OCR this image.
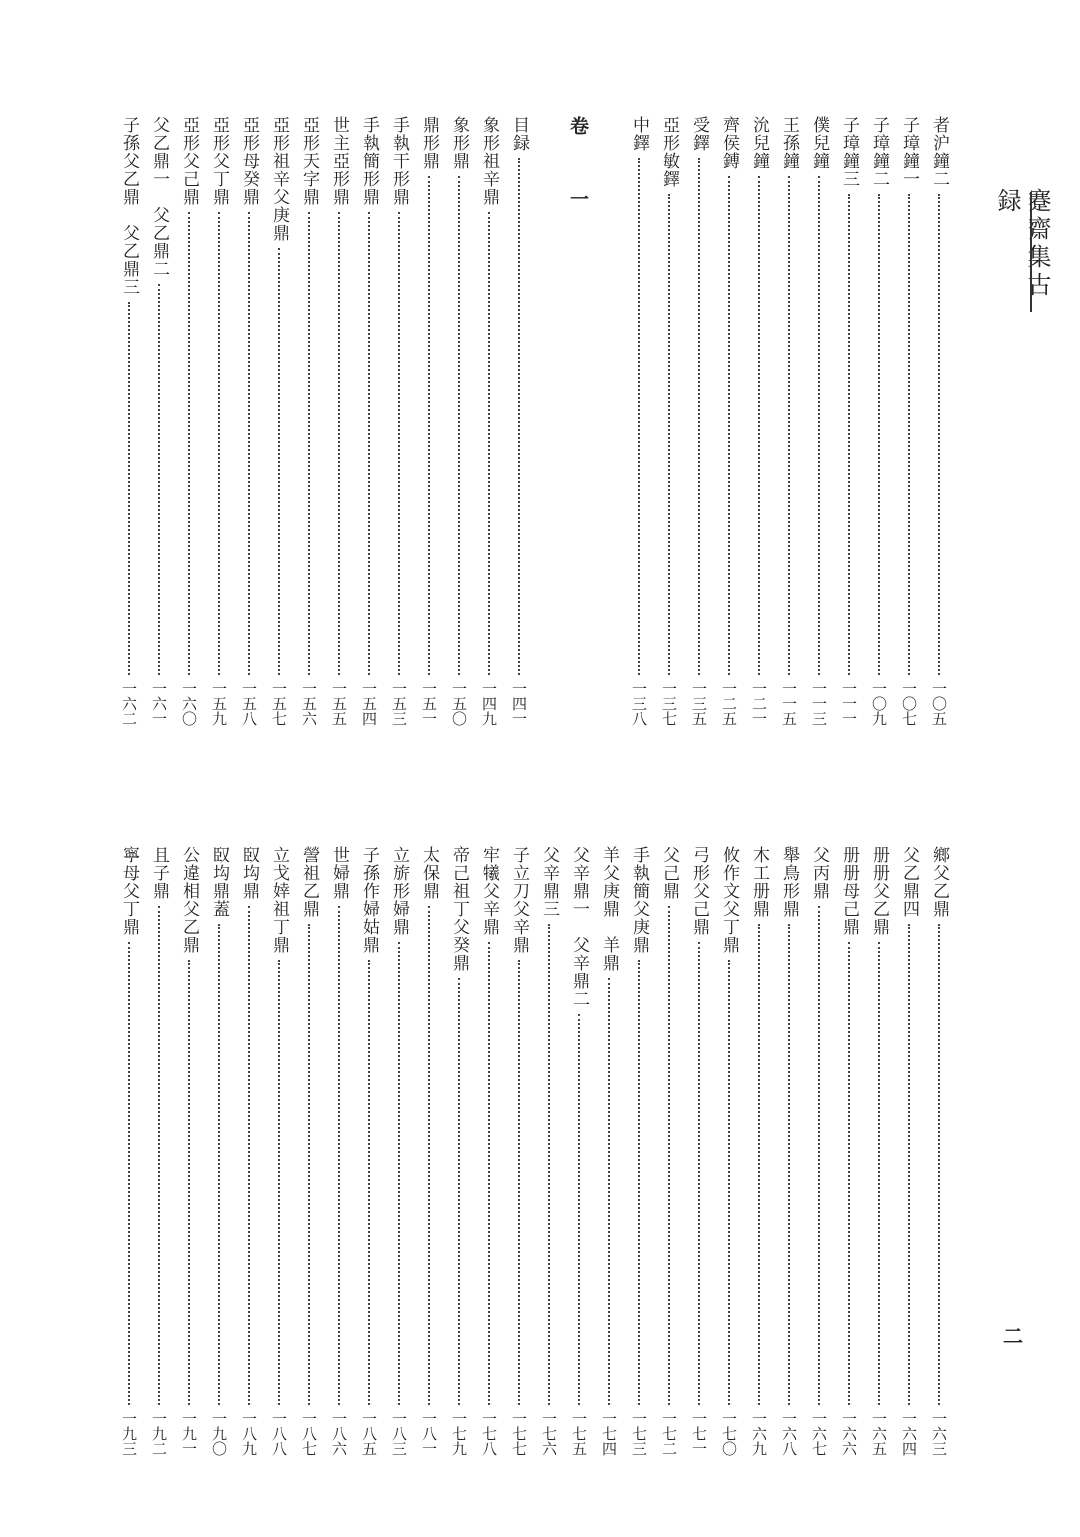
蹇齋集古録
者沪鐘二
一〇五
子璋鐘一
一〇七
子璋鐘二
一〇九
子璋鐘三
一一一
僕兒鐘
一一三
王孫鐘
一一五
沇兒鐘
一二一
齊侯鎛
一二五
受鐸
一三五
亞形敏鐸
一三七
中鐸
一三八
目録
一四一
象形祖辛鼎
一四九
象形鼎
一五〇
鼎形鼎
一五一
手執干形鼎
一五三
手執簡形鼎
一五四
世主亞形鼎
一五五
亞形天字鼎
一五六
亞形祖辛父庚鼎
一五七
亞形母癸鼎
一五八
亞形父丁鼎
一五九
亞形父己鼎
一六〇
父乙鼎一　父乙鼎二
一六一
子孫父乙鼎　父乙鼎三
一六二
卷 一
鄉父乙鼎
一六三
父乙鼎四
一六四
册册父乙鼎
一六五
册册母己鼎
一六六
父丙鼎
一六七
舉鳥形鼎
一六八
木工册鼎
一六九
攸作文父丁鼎
一七〇
弓形父己鼎
一七一
父己鼎
一七二
手執簡父庚鼎
一七三
羊父庚鼎　羊鼎
一七四
父辛鼎一　父辛鼎二
一七五
父辛鼎三
一七六
子立刀父辛鼎
一七七
牢犧父辛鼎
一七八
帝己祖丁父癸鼎
一七九
太保鼎
一八一
立旂形婦鼎
一八三
子孫作婦姑鼎
一八五
世婦鼎
一八六
謍祖乙鼎
一八七
立戈婞祖丁鼎
一八八
臤㘬鼎
一八九
臤㘬鼎蓋
一九〇
公違相父乙鼎
一九一
且子鼎
一九二
寧母父丁鼎
一九三
二
